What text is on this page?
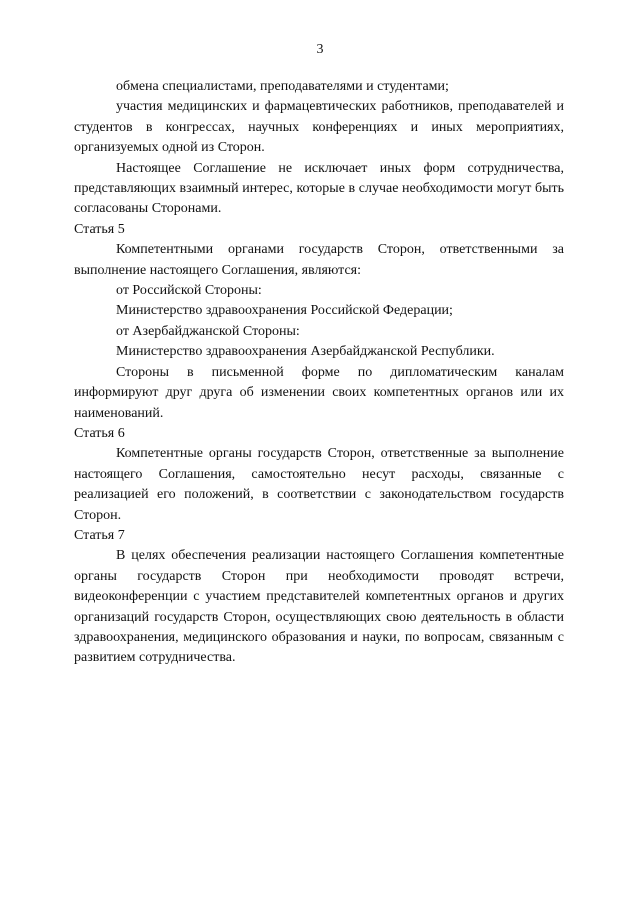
3

обмена специалистами, преподавателями и студентами;

участия медицинских и фармацевтических работников, преподавателей и студентов в конгрессах, научных конференциях и иных мероприятиях, организуемых одной из Сторон.

Настоящее Соглашение не исключает иных форм сотрудничества, представляющих взаимный интерес, которые в случае необходимости могут быть согласованы Сторонами.

Статья 5

Компетентными органами государств Сторон, ответственными за выполнение настоящего Соглашения, являются:

от Российской Стороны:

Министерство здравоохранения Российской Федерации;

от Азербайджанской Стороны:

Министерство здравоохранения Азербайджанской Республики.

Стороны в письменной форме по дипломатическим каналам информируют друг друга об изменении своих компетентных органов или их наименований.

Статья 6

Компетентные органы государств Сторон, ответственные за выполнение настоящего Соглашения, самостоятельно несут расходы, связанные с реализацией его положений, в соответствии с законодательством государств Сторон.

Статья 7

В целях обеспечения реализации настоящего Соглашения компетентные органы государств Сторон при необходимости проводят встречи, видеоконференции с участием представителей компетентных органов и других организаций государств Сторон, осуществляющих свою деятельность в области здравоохранения, медицинского образования и науки, по вопросам, связанным с развитием сотрудничества.
